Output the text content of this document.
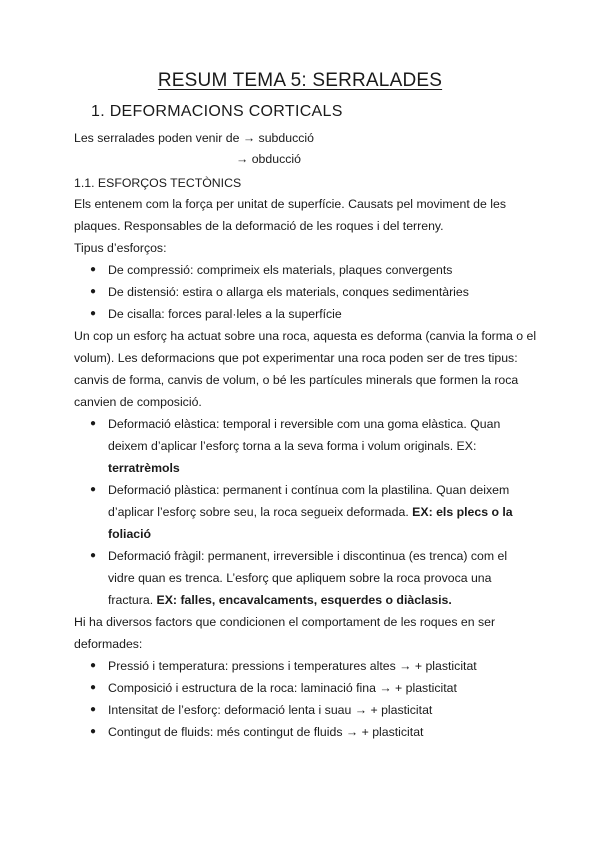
RESUM TEMA 5: SERRALADES
1. DEFORMACIONS CORTICALS
Les serralades poden venir de → subducció
→ obducció
1.1. ESFORÇOS TECTÒNICS
Els entenem com la força per unitat de superfície. Causats pel moviment de les
plaques. Responsables de la deformació de les roques i del terreny.
Tipus d’esforços:
● De compressió: comprimeix els materials, plaques convergents
● De distensió: estira o allarga els materials, conques sedimentàries
● De cisalla: forces paral·leles a la superfície
Un cop un esforç ha actuat sobre una roca, aquesta es deforma (canvia la forma o el
volum). Les deformacions que pot experimentar una roca poden ser de tres tipus:
canvis de forma, canvis de volum, o bé les partícules minerals que formen la roca
canvien de composició.
● Deformació elàstica: temporal i reversible com una goma elàstica. Quan
deixem d’aplicar l’esforç torna a la seva forma i volum originals. EX:
terratrèmols
● Deformació plàstica: permanent i contínua com la plastilina. Quan deixem
d’aplicar l’esforç sobre seu, la roca segueix deformada. EX: els plecs o la
foliació
● Deformació fràgil: permanent, irreversible i discontinua (es trenca) com el
vidre quan es trenca. L’esforç que apliquem sobre la roca provoca una
fractura. EX: falles, encavalcaments, esquerdes o diàclasis.
Hi ha diversos factors que condicionen el comportament de les roques en ser
deformades:
● Pressió i temperatura: pressions i temperatures altes → + plasticitat
● Composició i estructura de la roca: laminació fina → + plasticitat
● Intensitat de l’esforç: deformació lenta i suau → + plasticitat
● Contingut de fluids: més contingut de fluids → + plasticitat
